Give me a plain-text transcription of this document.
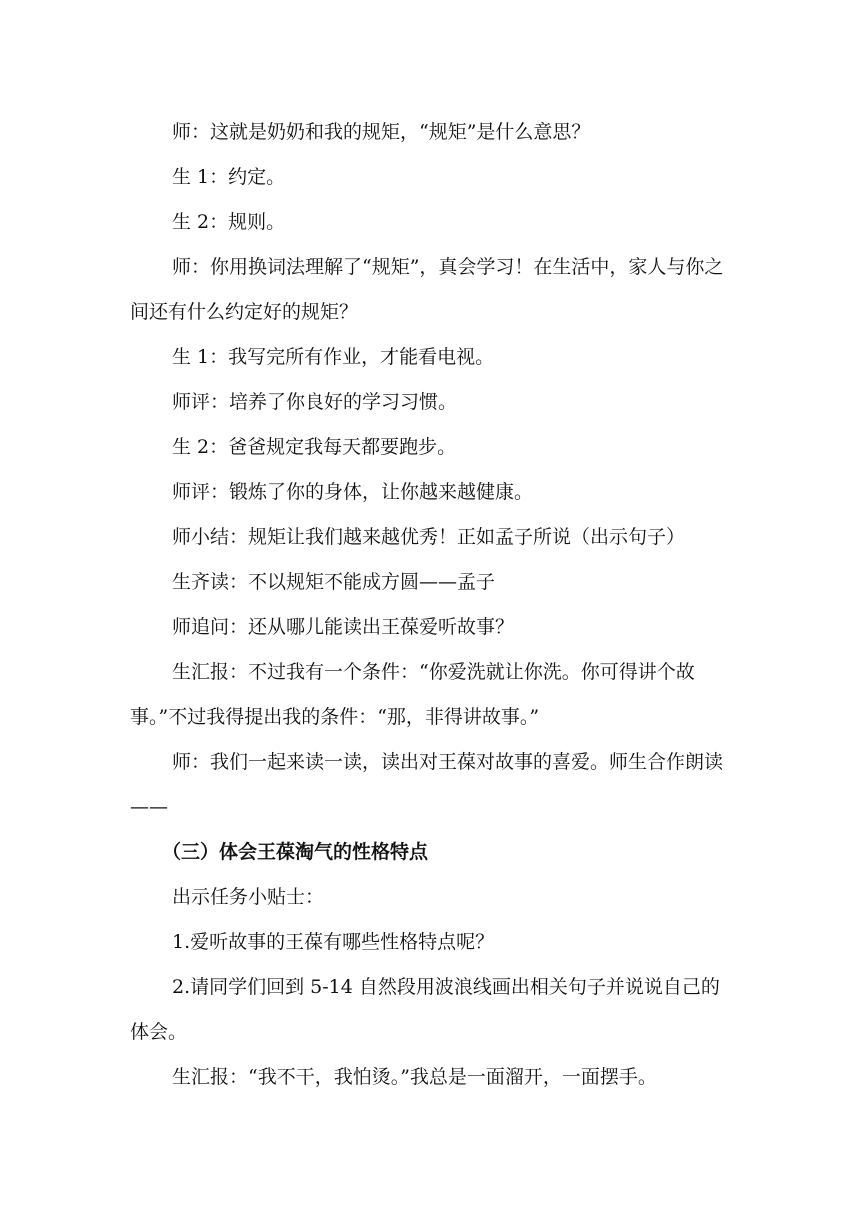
师：这就是奶奶和我的规矩，“规矩”是什么意思？

生 1：约定。

生 2：规则。

师：你用换词法理解了“规矩”，真会学习！在生活中，家人与你之间还有什么约定好的规矩？

生 1：我写完所有作业，才能看电视。

师评：培养了你良好的学习习惯。

生 2：爸爸规定我每天都要跑步。

师评：锻炼了你的身体，让你越来越健康。

师小结：规矩让我们越来越优秀！正如孟子所说（出示句子）

生齐读：不以规矩不能成方圆——孟子

师追问：还从哪儿能读出王葆爱听故事？

生汇报：不过我有一个条件：“你爱洗就让你洗。你可得讲个故事。”不过我得提出我的条件：“那，非得讲故事。”

师：我们一起来读一读，读出对王葆对故事的喜爱。师生合作朗读——

（三）体会王葆淘气的性格特点

出示任务小贴士：

1.爱听故事的王葆有哪些性格特点呢？

2.请同学们回到 5-14 自然段用波浪线画出相关句子并说说自己的体会。

生汇报：“我不干，我怕烫。”我总是一面溜开，一面摆手。
